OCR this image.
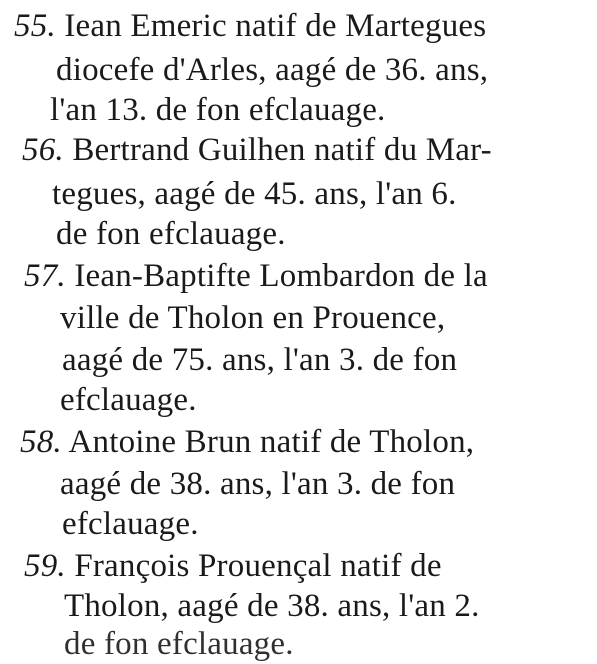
55. Iean Emeric natif de Martegues
diocefe d'Arles, aagé de 36. ans,
l'an 13. de fon efclauage.
56. Bertrand Guilhen natif du Mar-
tegues, aagé de 45. ans, l'an 6.
de fon efclauage.
57. Iean-Baptifte Lombardon de la
ville de Tholon en Prouence,
aagé de 75. ans, l'an 3. de fon
efclauage.
58. Antoine Brun natif de Tholon,
aagé de 38. ans, l'an 3. de fon
efclauage.
59. François Prouençal natif de
Tholon, aagé de 38. ans, l'an 2.
de fon efclauage.
